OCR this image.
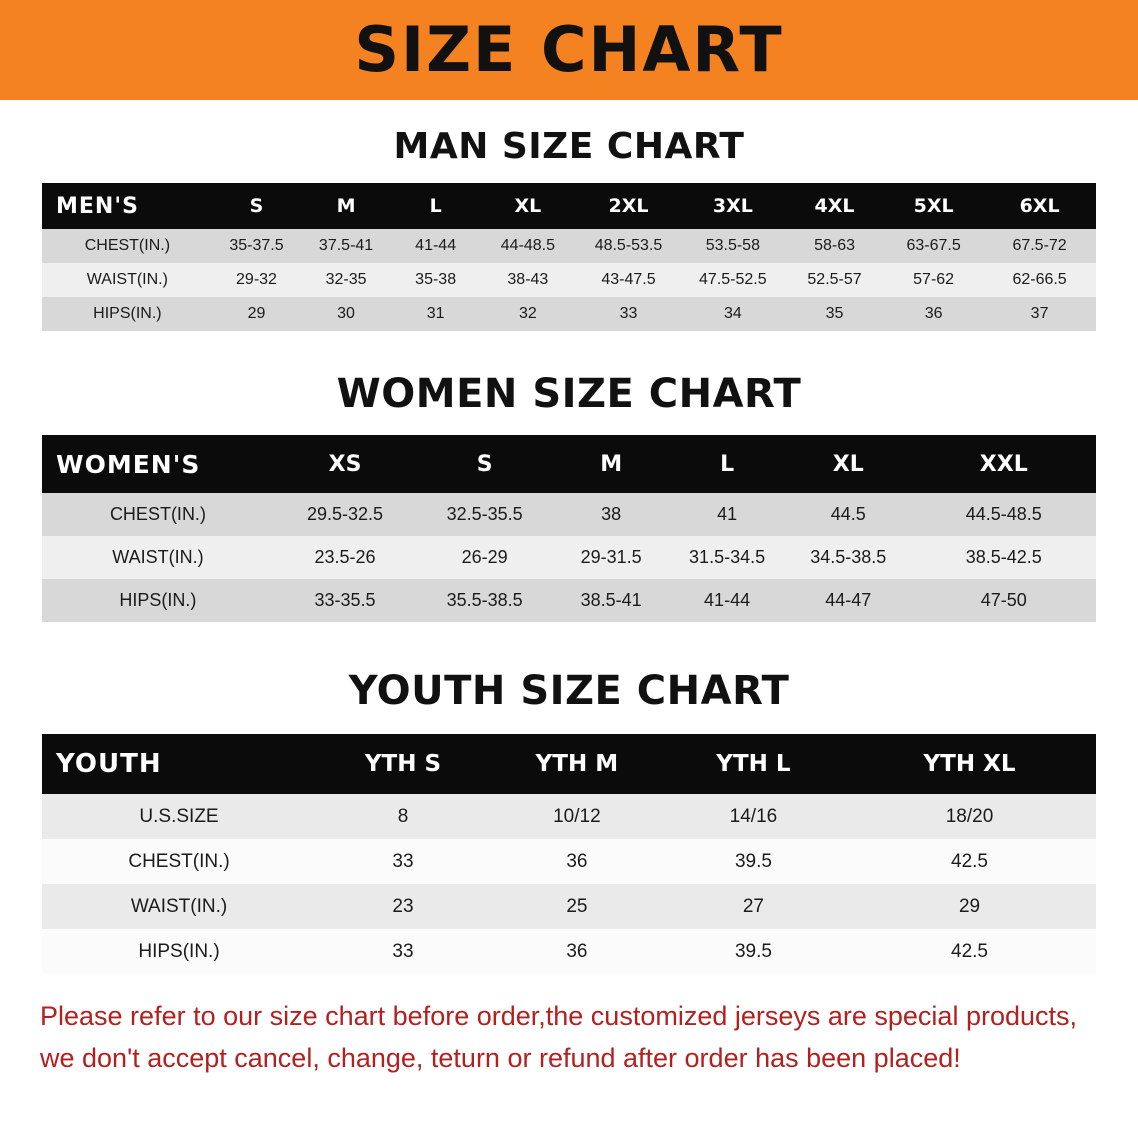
SIZE CHART
MAN SIZE CHART
MEN'S	S	M	L	XL	2XL	3XL	4XL	5XL	6XL
CHEST(IN.)	35-37.5	37.5-41	41-44	44-48.5	48.5-53.5	53.5-58	58-63	63-67.5	67.5-72
WAIST(IN.)	29-32	32-35	35-38	38-43	43-47.5	47.5-52.5	52.5-57	57-62	62-66.5
HIPS(IN.)	29	30	31	32	33	34	35	36	37
WOMEN SIZE CHART
WOMEN'S	XS	S	M	L	XL	XXL
CHEST(IN.)	29.5-32.5	32.5-35.5	38	41	44.5	44.5-48.5
WAIST(IN.)	23.5-26	26-29	29-31.5	31.5-34.5	34.5-38.5	38.5-42.5
HIPS(IN.)	33-35.5	35.5-38.5	38.5-41	41-44	44-47	47-50
YOUTH SIZE CHART
YOUTH	YTH S	YTH M	YTH L	YTH XL
U.S.SIZE	8	10/12	14/16	18/20
CHEST(IN.)	33	36	39.5	42.5
WAIST(IN.)	23	25	27	29
HIPS(IN.)	33	36	39.5	42.5
Please refer to our size chart before order,the customized jerseys are special products, we don't accept cancel, change, teturn or refund after order has been placed!
